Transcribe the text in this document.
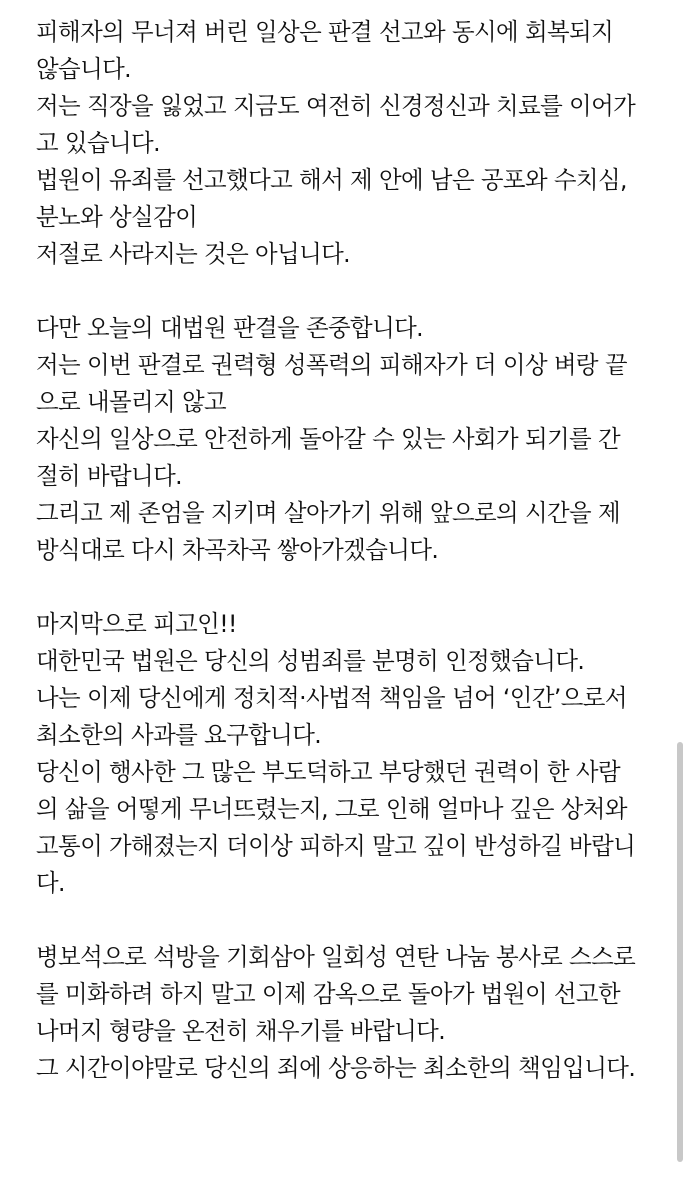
피해자의 무너져 버린 일상은 판결 선고와 동시에 회복되지
않습니다.
저는 직장을 잃었고 지금도 여전히 신경정신과 치료를 이어가
고 있습니다.
법원이 유죄를 선고했다고 해서 제 안에 남은 공포와 수치심,
분노와 상실감이
저절로 사라지는 것은 아닙니다.
다만 오늘의 대법원 판결을 존중합니다.
저는 이번 판결로 권력형 성폭력의 피해자가 더 이상 벼랑 끝
으로 내몰리지 않고
자신의 일상으로 안전하게 돌아갈 수 있는 사회가 되기를 간
절히 바랍니다.
그리고 제 존엄을 지키며 살아가기 위해 앞으로의 시간을 제
방식대로 다시 차곡차곡 쌓아가겠습니다.
마지막으로 피고인!!
대한민국 법원은 당신의 성범죄를 분명히 인정했습니다.
나는 이제 당신에게 정치적·사법적 책임을 넘어 ‘인간’으로서
최소한의 사과를 요구합니다.
당신이 행사한 그 많은 부도덕하고 부당했던 권력이 한 사람
의 삶을 어떻게 무너뜨렸는지, 그로 인해 얼마나 깊은 상처와
고통이 가해졌는지 더이상 피하지 말고 깊이 반성하길 바랍니
다.
병보석으로 석방을 기회삼아 일회성 연탄 나눔 봉사로 스스로
를 미화하려 하지 말고 이제 감옥으로 돌아가 법원이 선고한
나머지 형량을 온전히 채우기를 바랍니다.
그 시간이야말로 당신의 죄에 상응하는 최소한의 책임입니다.
